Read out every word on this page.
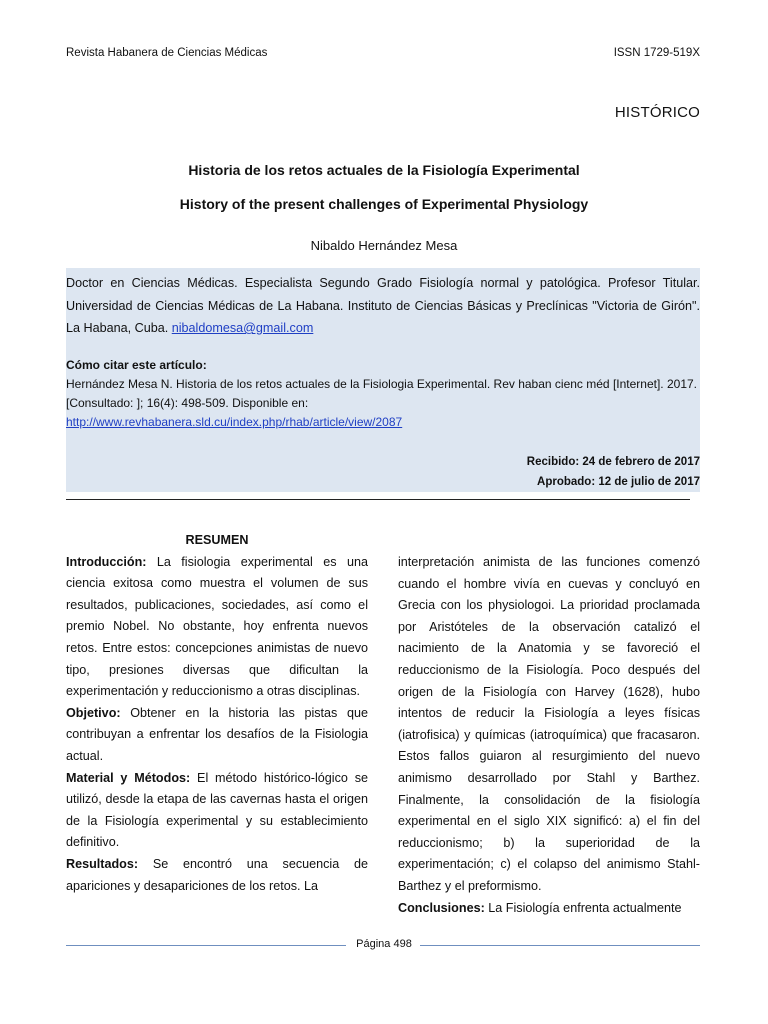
Revista Habanera de Ciencias Médicas	ISSN 1729-519X
HISTÓRICO
Historia de los retos actuales de la Fisiología Experimental
History of the present challenges of Experimental Physiology
Nibaldo Hernández Mesa
Doctor en Ciencias Médicas. Especialista Segundo Grado Fisiología normal y patológica. Profesor Titular. Universidad de Ciencias Médicas de La Habana. Instituto de Ciencias Básicas y Preclínicas "Victoria de Girón". La Habana, Cuba. nibaldomesa@gmail.com
Cómo citar este artículo:
Hernández Mesa N. Historia de los retos actuales de la Fisiologia Experimental. Rev haban cienc méd [Internet]. 2017. [Consultado: ]; 16(4): 498-509. Disponible en:
http://www.revhabanera.sld.cu/index.php/rhab/article/view/2087
Recibido: 24 de febrero de 2017
Aprobado: 12 de julio de 2017

RESUMEN

Introducción: La fisiologia experimental es una ciencia exitosa como muestra el volumen de sus resultados, publicaciones, sociedades, así como el premio Nobel. No obstante, hoy enfrenta nuevos retos. Entre estos: concepciones animistas de nuevo tipo, presiones diversas que dificultan la experimentación y reduccionismo a otras disciplinas.

Objetivo: Obtener en la historia las pistas que contribuyan a enfrentar los desafíos de la Fisiologia actual.

Material y Métodos: El método histórico-lógico se utilizó, desde la etapa de las cavernas hasta el origen de la Fisiología experimental y su establecimiento definitivo.

Resultados: Se encontró una secuencia de apariciones y desapariciones de los retos. La

interpretación animista de las funciones comenzó cuando el hombre vivía en cuevas y concluyó en Grecia con los physiologoi. La prioridad proclamada por Aristóteles de la observación catalizó el nacimiento de la Anatomia y se favoreció el reduccionismo de la Fisiología. Poco después del origen de la Fisiología con Harvey (1628), hubo intentos de reducir la Fisiología a leyes físicas (iatrofisica) y químicas (iatroquímica) que fracasaron. Estos fallos guiaron al resurgimiento del nuevo animismo desarrollado por Stahl y Barthez. Finalmente, la consolidación de la fisiología experimental en el siglo XIX significó: a) el fin del reduccionismo; b) la superioridad de la experimentación; c) el colapso del animismo Stahl-Barthez y el preformismo.

Conclusiones: La Fisiología enfrenta actualmente

Página 498
